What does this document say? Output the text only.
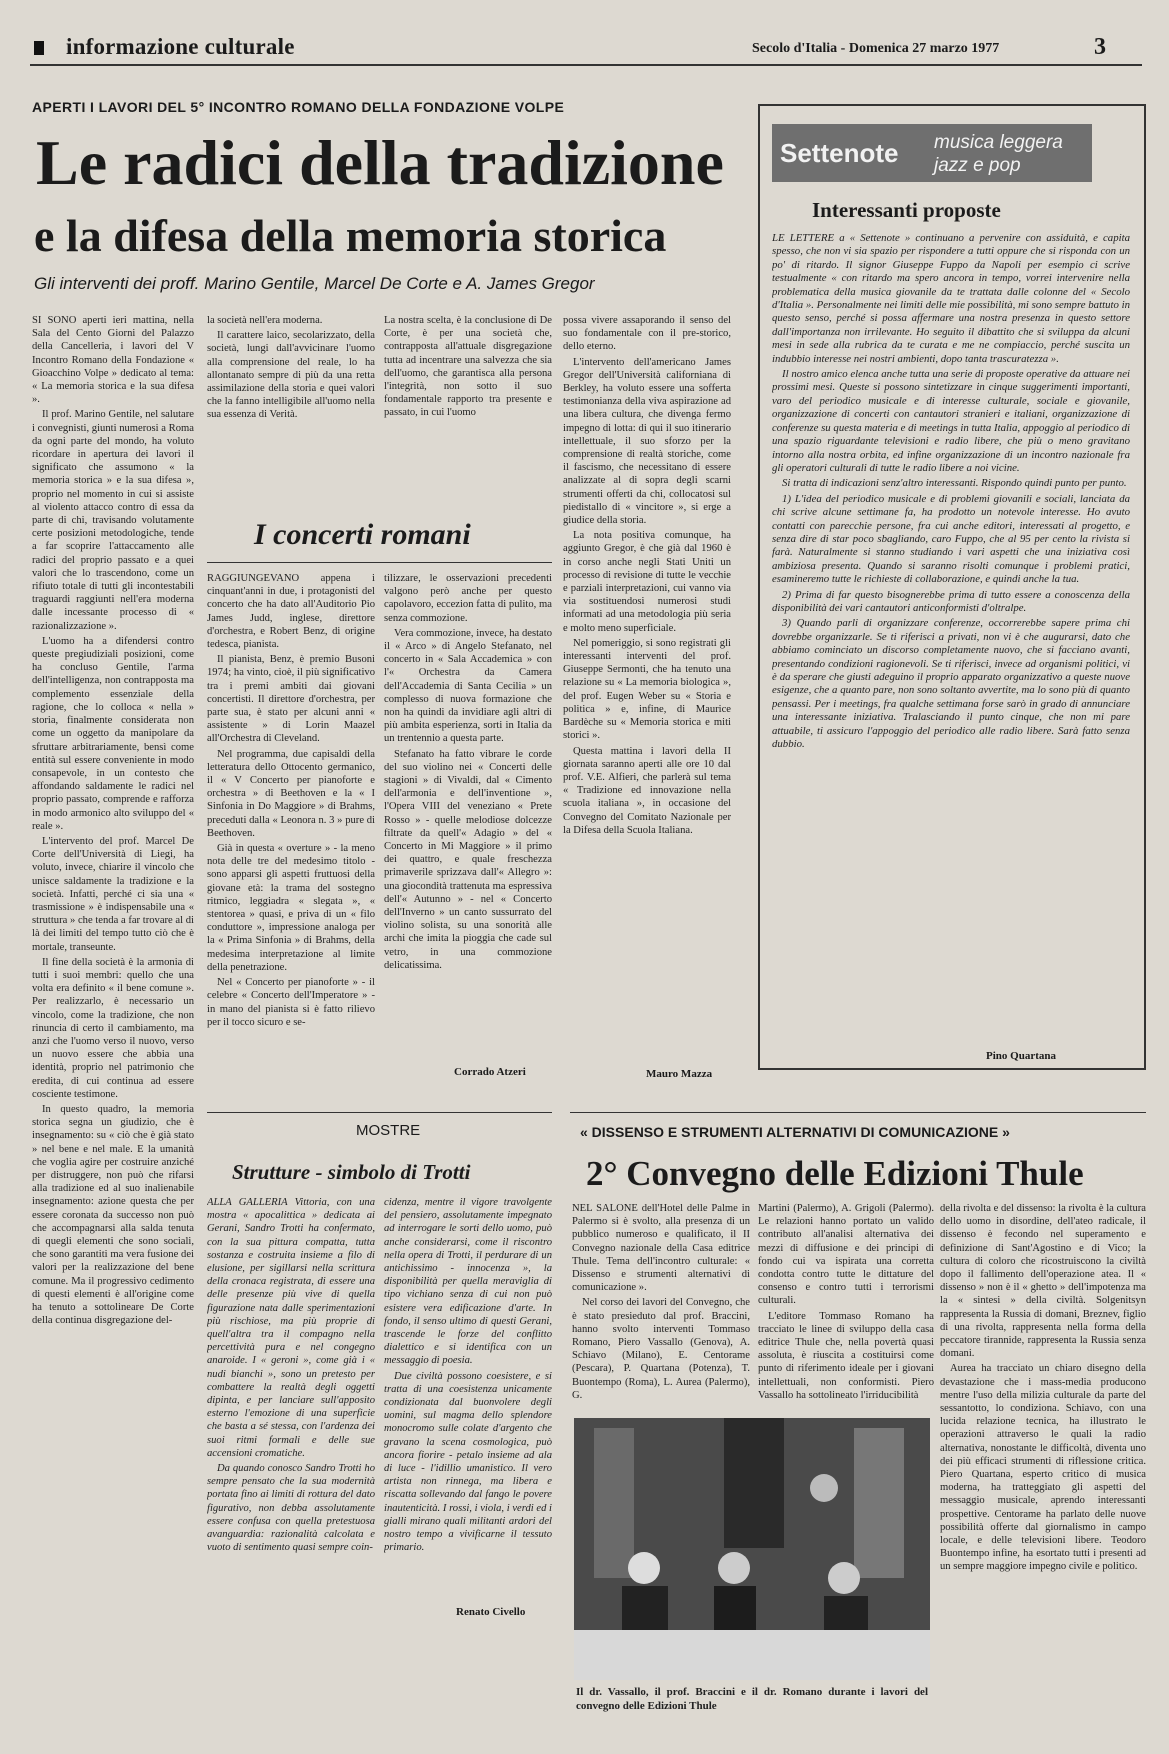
informazione culturale	Secolo d'Italia - Domenica 27 marzo 1977	3
APERTI I LAVORI DEL 5° INCONTRO ROMANO DELLA FONDAZIONE VOLPE
Le radici della tradizione
e la difesa della memoria storica
Gli interventi dei proff. Marino Gentile, Marcel De Corte e A. James Gregor

SI SONO aperti ieri mattina, nella Sala del Cento Giorni del Palazzo della Cancelleria, i lavori del V Incontro Romano della Fondazione « Gioacchino Volpe » dedicato al tema: « La memoria storica e la sua difesa ».

Il prof. Marino Gentile, nel salutare i convegnisti, giunti numerosi a Roma da ogni parte del mondo, ha voluto ricordare in apertura dei lavori il significato che assumono « la memoria storica » e la sua difesa », proprio nel momento in cui si assiste al violento attacco contro di essa da parte di chi, travisando volutamente certe posizioni metodologiche, tende a far scoprire l'attaccamento alle radici del proprio passato e a quei valori che lo trascendono, come un rifiuto totale di tutti gli incontestabili traguardi raggiunti nell'era moderna dalle incessante processo di « razionalizzazione ».

L'uomo ha a difendersi contro queste pregiudiziali posizioni, come ha concluso Gentile, l'arma dell'intelligenza, non contrapposta ma complemento essenziale della ragione, che lo colloca « nella » storia, finalmente considerata non come un oggetto da manipolare da sfruttare arbitrariamente, bensì come entità sul essere conveniente in modo consapevole, in un contesto che affondando saldamente le radici nel proprio passato, comprende e rafforza in modo armonico alto sviluppo del « reale ».

L'intervento del prof. Marcel De Corte dell'Università di Liegi, ha voluto, invece, chiarire il vincolo che unisce saldamente la tradizione e la società. Infatti, perché ci sia una « trasmissione » è indispensabile una « struttura » che tenda a far trovare al di là dei limiti del tempo tutto ciò che è mortale, transeunte.

Il fine della società è la armonia di tutti i suoi membri: quello che una volta era definito « il bene comune ». Per realizzarlo, è necessario un vincolo, come la tradizione, che non rinuncia di certo il cambiamento, ma anzi che l'uomo verso il nuovo, verso un nuovo essere che abbia una identità, proprio nel patrimonio che eredita, di cui continua ad essere cosciente testimone.

In questo quadro, la memoria storica segna un giudizio, che è insegnamento: su « ciò che è già stato » nel bene e nel male. E la umanità che voglia agire per costruire anziché per distruggere, non può che rifarsi alla tradizione ed al suo inalienabile insegnamento: azione questa che per essere coronata da successo non può che accompagnarsi alla salda tenuta di quegli elementi che sono sociali, che sono garantiti ma vera fusione dei valori per la realizzazione del bene comune. Ma il progressivo cedimento di questi elementi è all'origine come ha tenuto a sottolineare De Corte della continua disgregazione del-

la società nell'era moderna.

Il carattere laico, secolarizzato, della società, lungi dall'avvicinare l'uomo alla comprensione del reale, lo ha allontanato sempre di più da una retta assimilazione della storia e quei valori che la fanno intelligibile all'uomo nella sua essenza di Verità.

La nostra scelta, è la conclusione di De Corte, è per una società che, contrapposta all'attuale disgregazione tutta ad incentrare una salvezza che sia dell'uomo, che garantisca alla persona l'integrità, non sotto il suo fondamentale rapporto tra presente e passato, in cui l'uomo

possa vivere assaporando il senso del suo fondamentale con il pre-storico, dello eterno.

L'intervento dell'americano James Gregor dell'Università californiana di Berkley, ha voluto essere una sofferta testimonianza della viva aspirazione ad una libera cultura, che divenga fermo impegno di lotta: di qui il suo itinerario intellettuale, il suo sforzo per la comprensione di realtà storiche, come il fascismo, che necessitano di essere analizzate al di sopra degli scarni strumenti offerti da chi, collocatosi sul piedistallo di « vincitore », si erge a giudice della storia.

La nota positiva comunque, ha aggiunto Gregor, è che già dal 1960 è in corso anche negli Stati Uniti un processo di revisione di tutte le vecchie e parziali interpretazioni, cui vanno via via sostituendosi numerosi studi informati ad una metodologia più seria e molto meno superficiale.

Nel pomeriggio, si sono registrati gli interessanti interventi del prof. Giuseppe Sermonti, che ha tenuto una relazione su « La memoria biologica », del prof. Eugen Weber su « Storia e politica » e, infine, di Maurice Bardèche su « Memoria storica e miti storici ».

Questa mattina i lavori della II giornata saranno aperti alle ore 10 dal prof. V.E. Alfieri, che parlerà sul tema « Tradizione ed innovazione nella scuola italiana », in occasione del Convegno del Comitato Nazionale per la Difesa della Scuola Italiana.

Mauro Mazza
I concerti romani

RAGGIUNGEVANO appena i cinquant'anni in due, i protagonisti del concerto che ha dato all'Auditorio Pio James Judd, inglese, direttore d'orchestra, e Robert Benz, di origine tedesca, pianista.

Il pianista, Benz, è premio Busoni 1974; ha vinto, cioè, il più significativo tra i premi ambiti dai giovani concertisti. Il direttore d'orchestra, per parte sua, è stato per alcuni anni « assistente » di Lorin Maazel all'Orchestra di Cleveland.

Nel programma, due capisaldi della letteratura dello Ottocento germanico, il « V Concerto per pianoforte e orchestra » di Beethoven e la « I Sinfonia in Do Maggiore » di Brahms, preceduti dalla « Leonora n. 3 » pure di Beethoven.

Già in questa « overture » - la meno nota delle tre del medesimo titolo - sono apparsi gli aspetti fruttuosi della giovane età: la trama del sostegno ritmico, leggiadra « slegata », « stentorea » quasi, e priva di un « filo conduttore », impressione analoga per la « Prima Sinfonia » di Brahms, della medesima interpretazione al limite della penetrazione.

Nel « Concerto per pianoforte » - il celebre « Concerto dell'Imperatore » - in mano del pianista si è fatto rilievo per il tocco sicuro e se-

tilizzare, le osservazioni precedenti valgono però anche per questo capolavoro, eccezion fatta di pulito, ma senza commozione.

Vera commozione, invece, ha destato il « Arco » di Angelo Stefanato, nel concerto in « Sala Accademica » con l'« Orchestra da Camera dell'Accademia di Santa Cecilia » un complesso di nuova formazione che non ha quindi da invidiare agli altri di più ambita esperienza, sorti in Italia da un trentennio a questa parte.

Stefanato ha fatto vibrare le corde del suo violino nei « Concerti delle stagioni » di Vivaldi, dal « Cimento dell'armonia e dell'inventione », l'Opera VIII del veneziano « Prete Rosso » - quelle melodiose dolcezze filtrate da quell'« Adagio » del « Concerto in Mi Maggiore » il primo dei quattro, e quale freschezza primaverile sprizzava dall'« Allegro »: una giocondità trattenuta ma espressiva dell'« Autunno » - nel « Concerto dell'Inverno » un canto sussurrato del violino solista, su una sonorità alle archi che imita la pioggia che cade sul vetro, in una commozione delicatissima.

Corrado Atzeri
Settenote musica leggera
jazz e pop
Interessanti proposte

LE LETTERE a « Settenote » continuano a pervenire con assiduità, e capita spesso, che non vi sia spazio per rispondere a tutti oppure che si risponda con un po' di ritardo. Il signor Giuseppe Fuppo da Napoli per esempio ci scrive testualmente « con ritardo ma spero ancora in tempo, vorrei intervenire nella problematica della musica giovanile da te trattata dalle colonne del « Secolo d'Italia ». Personalmente nei limiti delle mie possibilità, mi sono sempre battuto in questo senso, perché si possa affermare una nostra presenza in questo settore dall'importanza non irrilevante. Ho seguito il dibattito che si sviluppa da alcuni mesi in sede alla rubrica da te curata e me ne compiaccio, perché suscita un indubbio interesse nei nostri ambienti, dopo tanta trascuratezza ».

Il nostro amico elenca anche tutta una serie di proposte operative da attuare nei prossimi mesi. Queste si possono sintetizzare in cinque suggerimenti importanti, varo del periodico musicale e di interesse culturale, sociale e giovanile, organizzazione di concerti con cantautori stranieri e italiani, organizzazione di conferenze su questa materia e di meetings in tutta Italia, appoggio al periodico di una spazio riguardante televisioni e radio libere, che più o meno gravitano intorno alla nostra orbita, ed infine organizzazione di un incontro nazionale fra gli operatori culturali di tutte le radio libere a noi vicine.

Si tratta di indicazioni senz'altro interessanti. Rispondo quindi punto per punto.

1) L'idea del periodico musicale e di problemi giovanili e sociali, lanciata da chi scrive alcune settimane fa, ha prodotto un notevole interesse. Ho avuto contatti con parecchie persone, fra cui anche editori, interessati al progetto, e senza dire di star poco sbagliando, caro Fuppo, che al 95 per cento la rivista si farà. Naturalmente si stanno studiando i vari aspetti che una iniziativa così ambiziosa presenta. Quando si saranno risolti comunque i problemi pratici, esamineremo tutte le richieste di collaborazione, e quindi anche la tua.

2) Prima di far questo bisognerebbe prima di tutto essere a conoscenza della disponibilità dei vari cantautori anticonformisti d'oltralpe.

3) Quando parli di organizzare conferenze, occorrerebbe sapere prima chi dovrebbe organizzarle. Se ti riferisci a privati, non vi è che augurarsi, dato che abbiamo cominciato un discorso completamente nuovo, che si facciano avanti, presentando condizioni ragionevoli. Se ti riferisci, invece ad organismi politici, vi è da sperare che giusti adeguino il proprio apparato organizzativo a queste nuove esigenze, che a quanto pare, non sono soltanto avvertite, ma lo sono più di quanto pensassi. Per i meetings, fra qualche settimana forse sarò in grado di annunciare una interessante iniziativa. Tralasciando il punto cinque, che non mi pare attuabile, ti assicuro l'appoggio del periodico alle radio libere. Sarà fatto senza dubbio.

Pino Quartana
MOSTRE
Strutture - simbolo di Trotti

ALLA GALLERIA Vittoria, con una mostra « apocalittica » dedicata ai Gerani, Sandro Trotti ha confermato, con la sua pittura compatta, tutta sostanza e costruita insieme a filo di elusione, per sigillarsi nella scrittura della cronaca registrata, di essere una delle presenze più vive di quella figurazione nata dalle sperimentazioni più rischiose, ma più proprie di quell'altra tra il compagno nella percettività pura e nel congegno anaroide. I « geroni », come già i « nudi bianchi », sono un pretesto per combattere la realtà degli oggetti dipinta, e per lanciare sull'apposito esterno l'emozione di una superficie che basta a sé stessa, con l'ardenza dei suoi ritmi formali e delle sue accensioni cromatiche.

Da quando conosco Sandro Trotti ho sempre pensato che la sua modernità portata fino ai limiti di rottura del dato figurativo, non debba assolutamente essere confusa con quella pretestuosa avanguardia: razionalità calcolata e vuoto di sentimento quasi sempre coin-

cidenza, mentre il vigore travolgente del pensiero, assolutamente impegnato ad interrogare le sorti dello uomo, può anche considerarsi, come il riscontro nella opera di Trotti, il perdurare di un antichissimo - innocenza », la disponibilità per quella meraviglia di tipo vichiano senza di cui non può esistere vera edificazione d'arte. In fondo, il senso ultimo di questi Gerani, trascende le forze del conflitto dialettico e si identifica con un messaggio di poesia.

Due civiltà possono coesistere, e si tratta di una coesistenza unicamente condizionata dal buonvolere degli uomini, sul magma dello splendore monocromo sulle colate d'argento che gravano la scena cosmologica, può ancora fiorire - petalo insieme ad ala di luce - l'idillio umanistico. Il vero artista non rinnega, ma libera e riscatta sollevando dal fango le povere inautenticità. I rossi, i viola, i verdi ed i gialli mirano quali militanti ardori del nostro tempo a vivificarne il tessuto primario.

Renato Civello
« DISSENSO E STRUMENTI ALTERNATIVI DI COMUNICAZIONE »
2° Convegno delle Edizioni Thule

NEL SALONE dell'Hotel delle Palme in Palermo si è svolto, alla presenza di un pubblico numeroso e qualificato, il II Convegno nazionale della Casa editrice Thule. Tema dell'incontro culturale: « Dissenso e strumenti alternativi di comunicazione ».

Nel corso dei lavori del Convegno, che è stato presieduto dal prof. Braccini, hanno svolto interventi Tommaso Romano, Piero Vassallo (Genova), A. Schiavo (Milano), E. Centorame (Pescara), P. Quartana (Potenza), T. Buontempo (Roma), L. Aurea (Palermo), G.

Martini (Palermo), A. Grigoli (Palermo). Le relazioni hanno portato un valido contributo all'analisi alternativa dei mezzi di diffusione e dei principi di fondo cui va ispirata una corretta condotta contro tutte le dittature del consenso e contro tutti i terrorismi culturali.

L'editore Tommaso Romano ha tracciato le linee di sviluppo della casa editrice Thule che, nella povertà quasi assoluta, è riuscita a costituirsi come punto di riferimento ideale per i giovani intellettuali, non conformisti. Piero Vassallo ha sottolineato l'irriducibilità

della rivolta e del dissenso: la rivolta è la cultura dello uomo in disordine, dell'ateo radicale, il dissenso è fecondo nel superamento e definizione di Sant'Agostino e di Vico; la cultura di coloro che ricostruiscono la civiltà dopo il fallimento dell'operazione atea. Il « dissenso » non è il « ghetto » dell'impotenza ma la « sintesi » della civiltà. Solgenitsyn rappresenta la Russia di domani, Breznev, figlio di una rivolta, rappresenta nella forma della peccatore tirannide, rappresenta la Russia senza domani.

Aurea ha tracciato un chiaro disegno della devastazione che i mass-media producono mentre l'uso della milizia culturale da parte del sessantotto, lo condiziona. Schiavo, con una lucida relazione tecnica, ha illustrato le operazioni attraverso le quali la radio alternativa, nonostante le difficoltà, diventa uno dei più efficaci strumenti di riflessione critica. Piero Quartana, esperto critico di musica moderna, ha tratteggiato gli aspetti del messaggio musicale, aprendo interessanti prospettive. Centorame ha parlato delle nuove possibilità offerte dal giornalismo in campo locale, e delle televisioni libere. Teodoro Buontempo infine, ha esortato tutti i presenti ad un sempre maggiore impegno civile e politico.

Il dr. Vassallo, il prof. Braccini e il dr. Romano durante i lavori del convegno delle Edizioni Thule
